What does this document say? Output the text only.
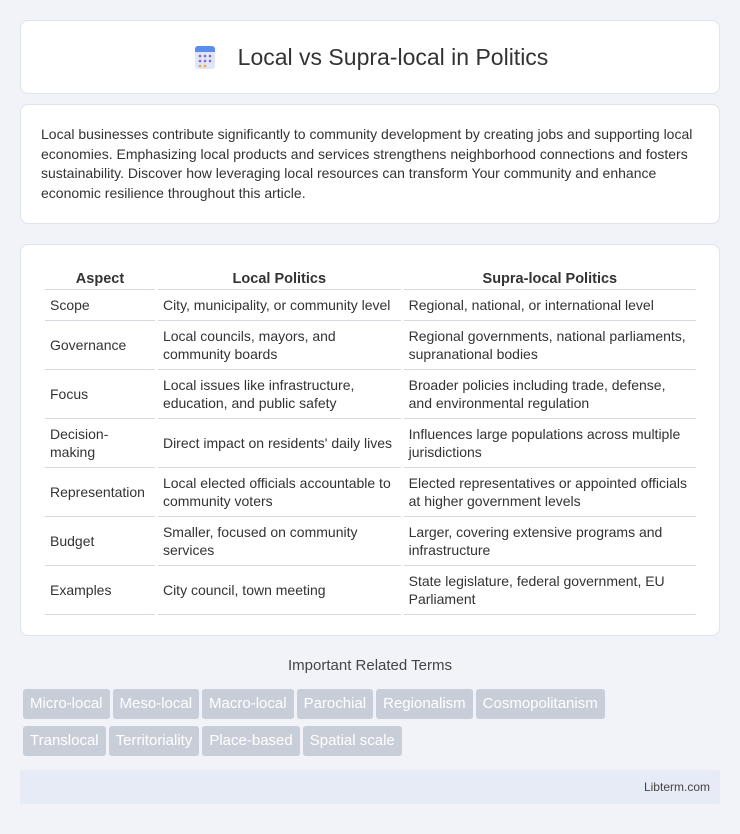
Local vs Supra-local in Politics

Local businesses contribute significantly to community development by creating jobs and supporting local economies. Emphasizing local products and services strengthens neighborhood connections and fosters sustainability. Discover how leveraging local resources can transform Your community and enhance economic resilience throughout this article.

Aspect	Local Politics	Supra-local Politics
Scope	City, municipality, or community level	Regional, national, or international level
Governance	Local councils, mayors, and community boards	Regional governments, national parliaments, supranational bodies
Focus	Local issues like infrastructure, education, and public safety	Broader policies including trade, defense, and environmental regulation
Decision-making	Direct impact on residents' daily lives	Influences large populations across multiple jurisdictions
Representation	Local elected officials accountable to community voters	Elected representatives or appointed officials at higher government levels
Budget	Smaller, focused on community services	Larger, covering extensive programs and infrastructure
Examples	City council, town meeting	State legislature, federal government, EU Parliament
Important Related Terms
Micro-local Meso-local Macro-local Parochial Regionalism Cosmopolitanism
Translocal Territoriality Place-based Spatial scale
Libterm.com
